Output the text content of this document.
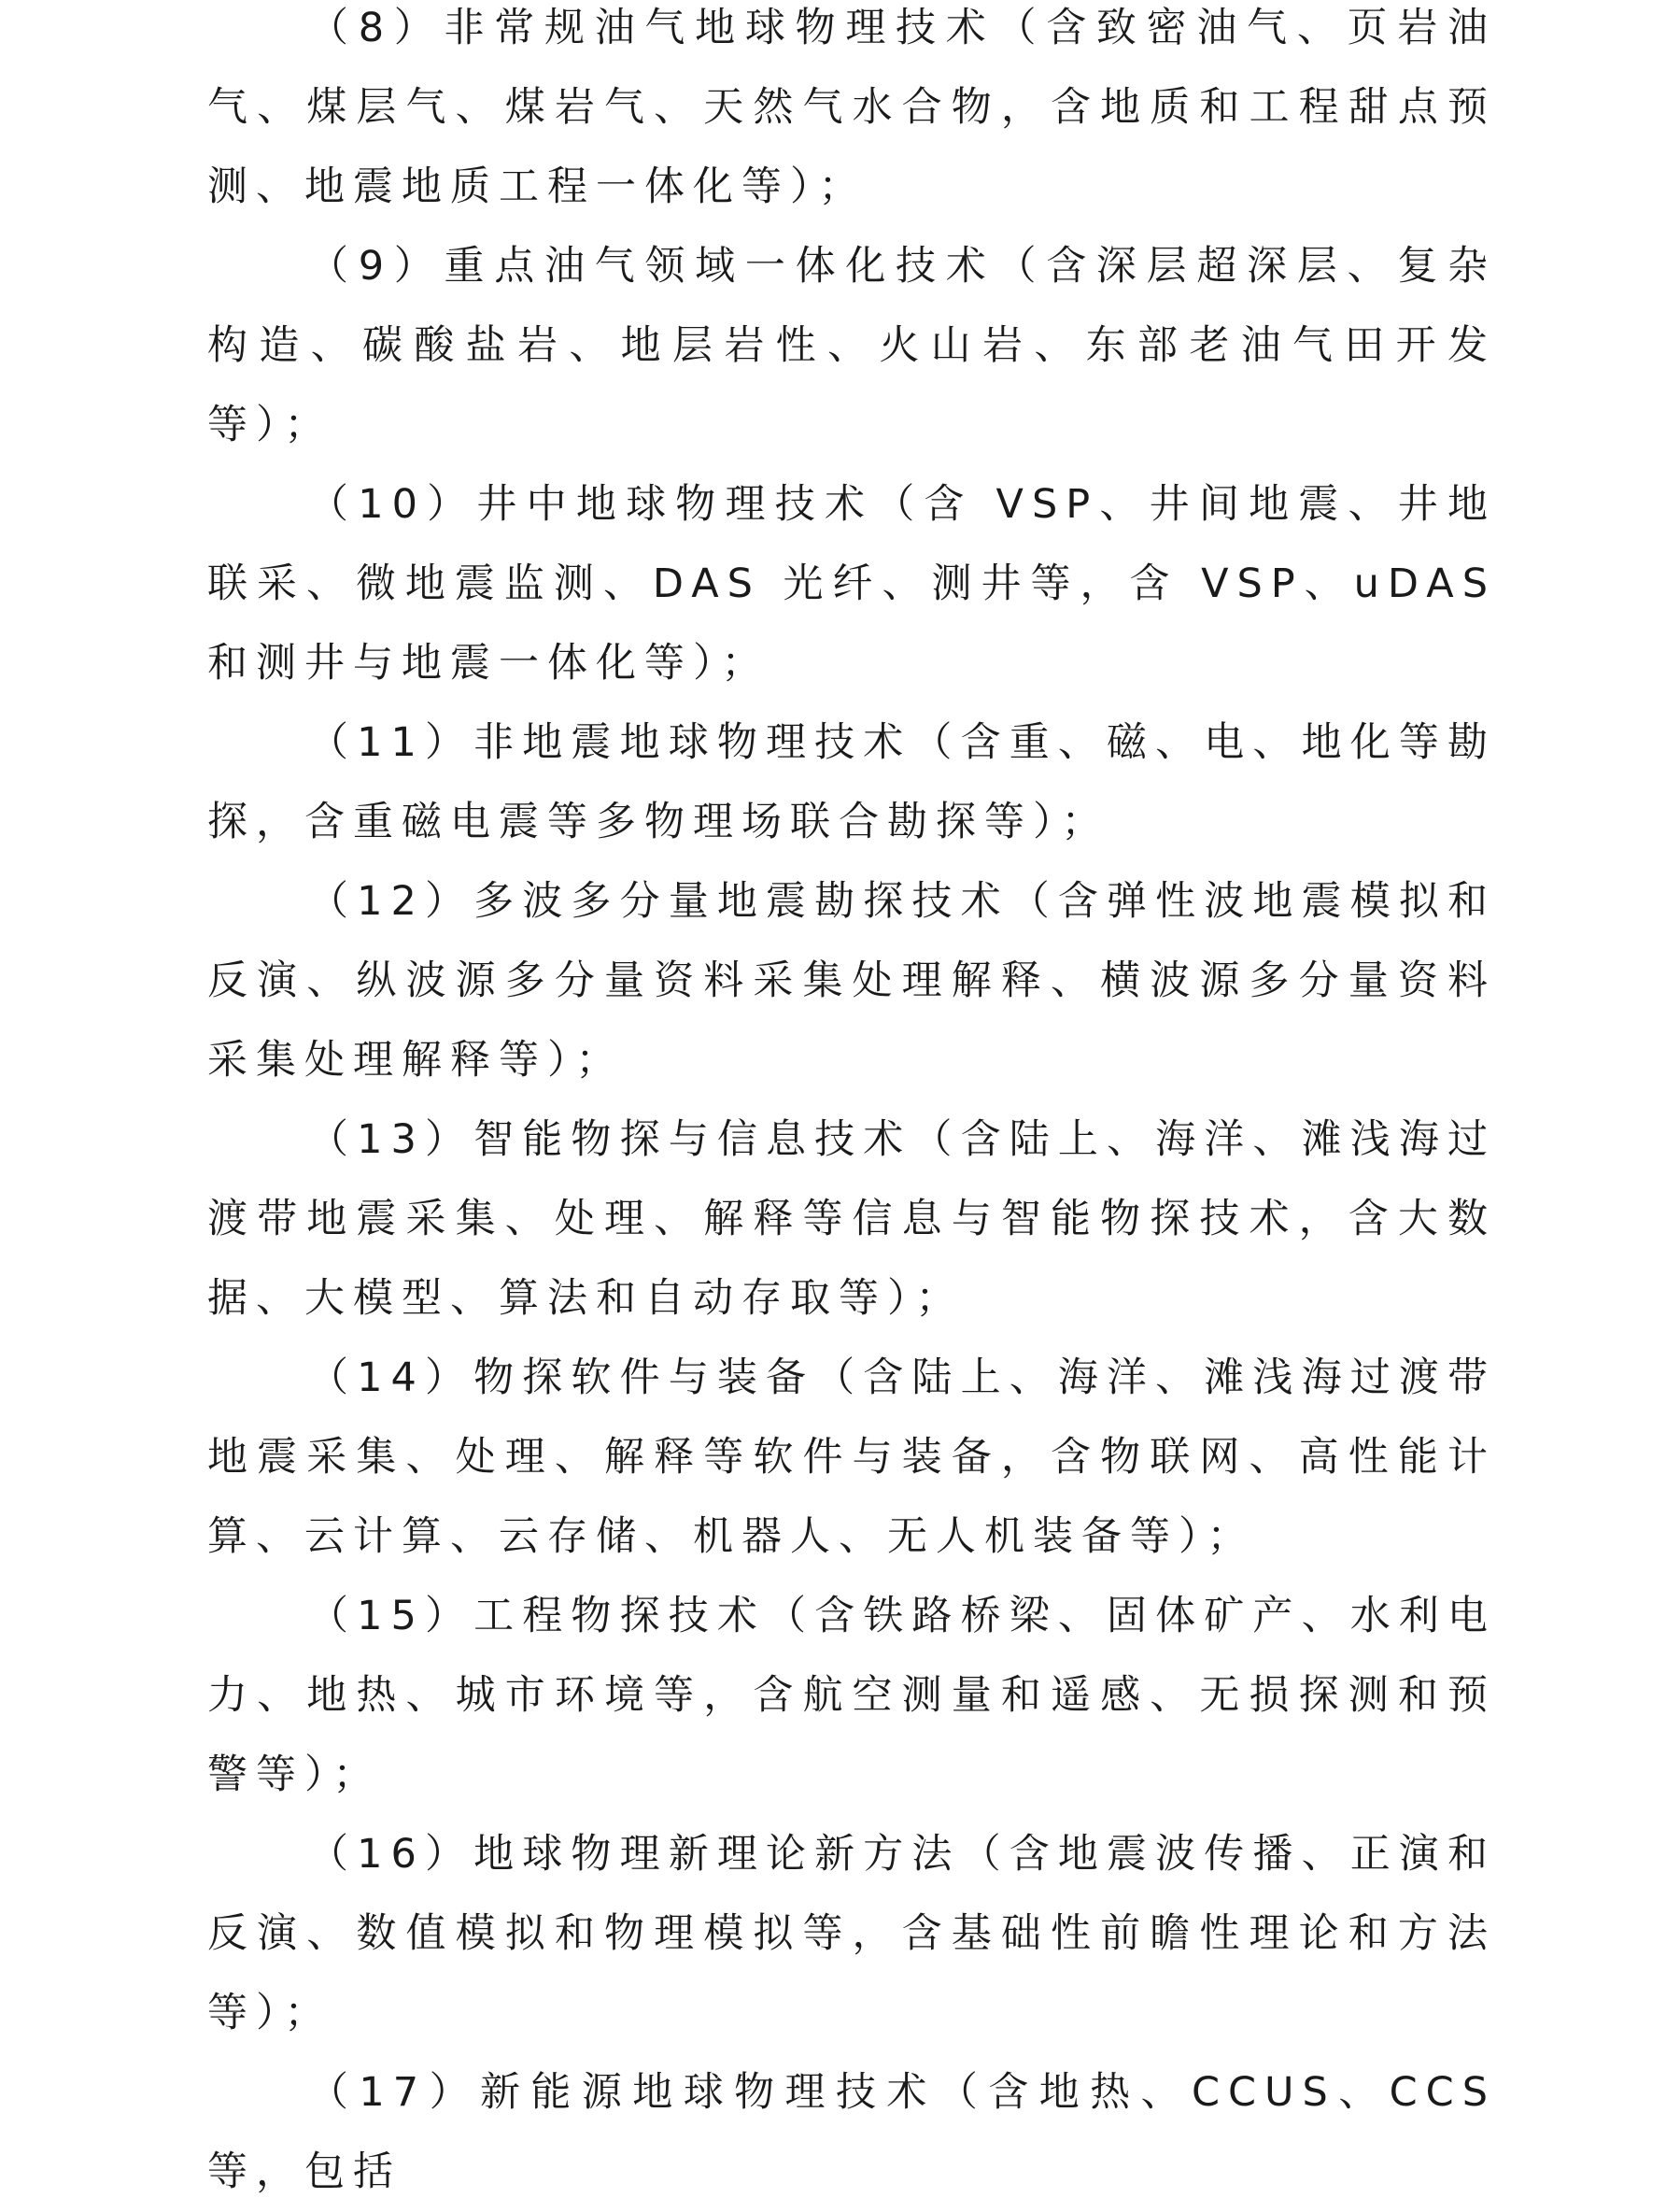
（8）非常规油气地球物理技术（含致密油气、页岩油气、煤层气、煤岩气、天然气水合物，含地质和工程甜点预测、地震地质工程一体化等）；

（9）重点油气领域一体化技术（含深层超深层、复杂构造、碳酸盐岩、地层岩性、火山岩、东部老油气田开发等）；

（10）井中地球物理技术（含 VSP、井间地震、井地联采、微地震监测、DAS 光纤、测井等，含 VSP、uDAS 和测井与地震一体化等）；

（11）非地震地球物理技术（含重、磁、电、地化等勘探，含重磁电震等多物理场联合勘探等）；

（12）多波多分量地震勘探技术（含弹性波地震模拟和反演、纵波源多分量资料采集处理解释、横波源多分量资料采集处理解释等）；

（13）智能物探与信息技术（含陆上、海洋、滩浅海过渡带地震采集、处理、解释等信息与智能物探技术，含大数据、大模型、算法和自动存取等）；

（14）物探软件与装备（含陆上、海洋、滩浅海过渡带地震采集、处理、解释等软件与装备，含物联网、高性能计算、云计算、云存储、机器人、无人机装备等）；

（15）工程物探技术（含铁路桥梁、固体矿产、水利电力、地热、城市环境等，含航空测量和遥感、无损探测和预警等）；

（16）地球物理新理论新方法（含地震波传播、正演和反演、数值模拟和物理模拟等，含基础性前瞻性理论和方法等）；

（17）新能源地球物理技术（含地热、CCUS、CCS 等，包括
